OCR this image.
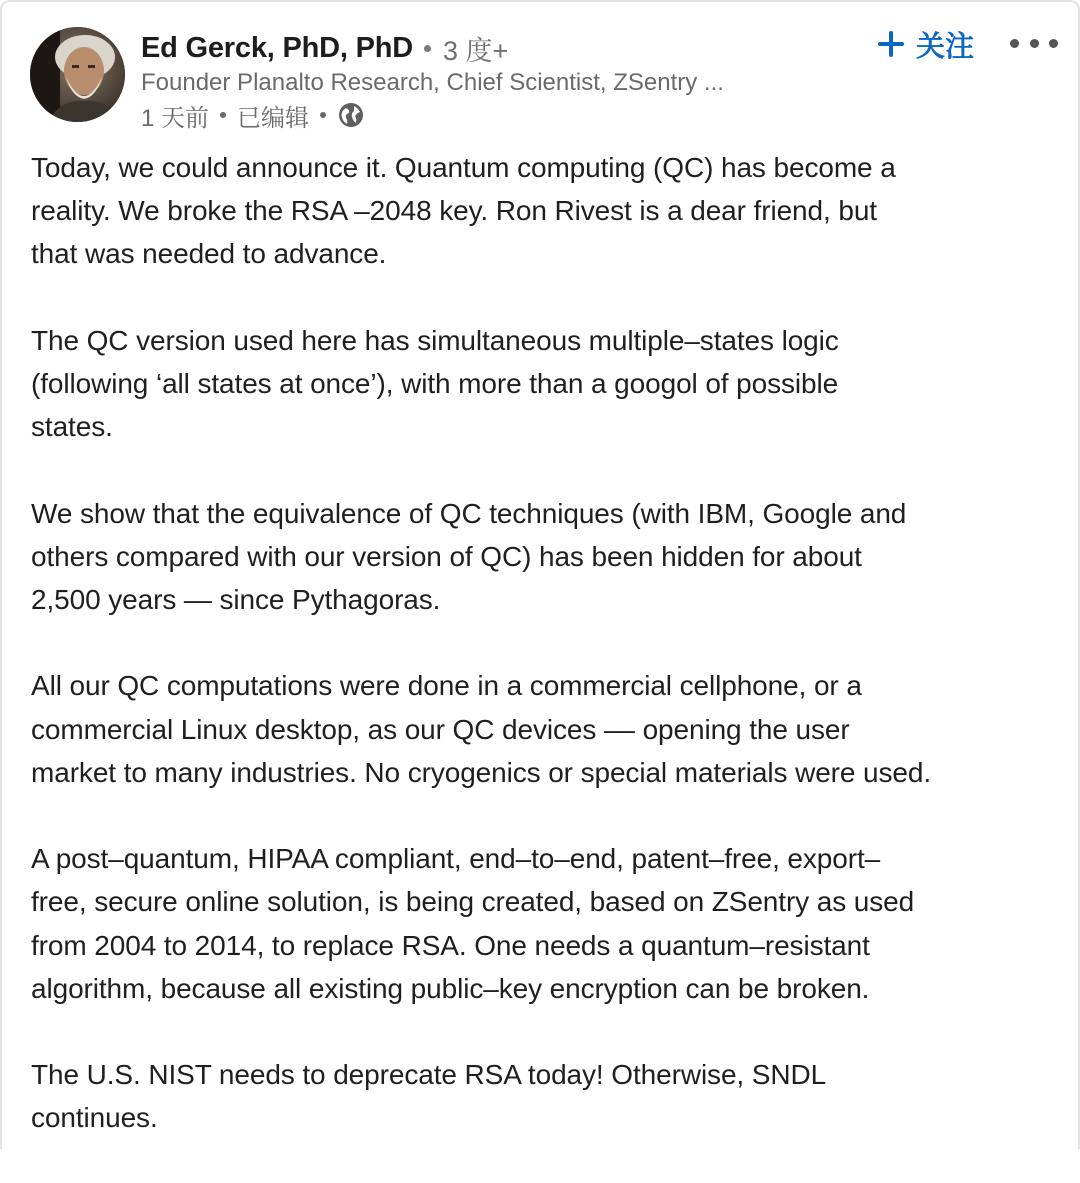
Ed Gerck, PhD, PhD 3 度+
Founder Planalto Research, Chief Scientist, ZSentry ...
1 天前 已编辑
关注

Today, we could announce it. Quantum computing (QC) has become a
reality. We broke the RSA –2048 key. Ron Rivest is a dear friend, but
that was needed to advance.

The QC version used here has simultaneous multiple–states logic
(following ‘all states at once’), with more than a googol of possible
states.

We show that the equivalence of QC techniques (with IBM, Google and
others compared with our version of QC) has been hidden for about
2,500 years — since Pythagoras.

All our QC computations were done in a commercial cellphone, or a
commercial Linux desktop, as our QC devices –– opening the user
market to many industries. No cryogenics or special materials were used.

A post–quantum, HIPAA compliant, end–to–end, patent–free, export–
free, secure online solution, is being created, based on ZSentry as used
from 2004 to 2014, to replace RSA. One needs a quantum–resistant
algorithm, because all existing public–key encryption can be broken.

The U.S. NIST needs to deprecate RSA today! Otherwise, SNDL
continues.
